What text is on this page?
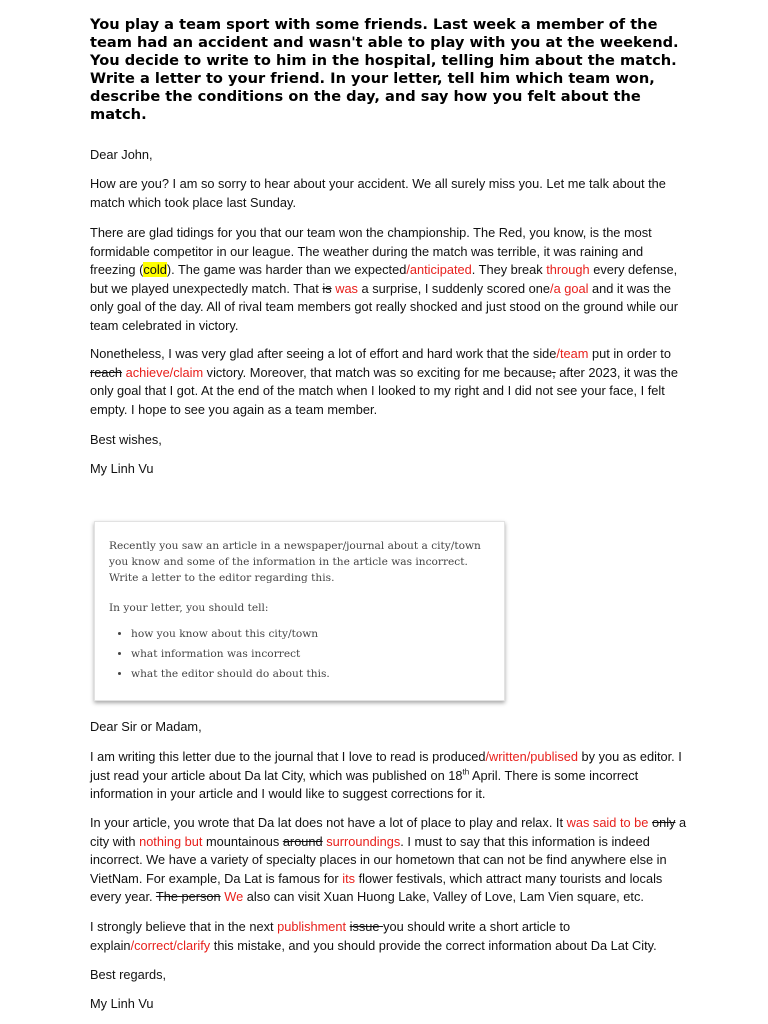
You play a team sport with some friends. Last week a member of the team had an accident and wasn't able to play with you at the weekend. You decide to write to him in the hospital, telling him about the match. Write a letter to your friend. In your letter, tell him which team won, describe the conditions on the day, and say how you felt about the match.

Dear John,

How are you? I am so sorry to hear about your accident. We all surely miss you. Let me talk about the match which took place last Sunday.

There are glad tidings for you that our team won the championship. The Red, you know, is the most formidable competitor in our league. The weather during the match was terrible, it was raining and freezing (cold). The game was harder than we expected/anticipated. They break through every defense, but we played unexpectedly match. That is was a surprise, I suddenly scored one/a goal and it was the only goal of the day. All of rival team members got really shocked and just stood on the ground while our team celebrated in victory.

Nonetheless, I was very glad after seeing a lot of effort and hard work that the side/team put in order to reach achieve/claim victory. Moreover, that match was so exciting for me because, after 2023, it was the only goal that I got. At the end of the match when I looked to my right and I did not see your face, I felt empty. I hope to see you again as a team member.

Best wishes,

My Linh Vu

Recently you saw an article in a newspaper/journal about a city/town you know and some of the information in the article was incorrect. Write a letter to the editor regarding this.

In your letter, you should tell:

• how you know about this city/town
• what information was incorrect
• what the editor should do about this.

Dear Sir or Madam,

I am writing this letter due to the journal that I love to read is produced/written/publised by you as editor. I just read your article about Da lat City, which was published on 18th April. There is some incorrect information in your article and I would like to suggest corrections for it.

In your article, you wrote that Da lat does not have a lot of place to play and relax. It was said to be only a city with nothing but mountainous around surroundings. I must to say that this information is indeed incorrect. We have a variety of specialty places in our hometown that can not be find anywhere else in VietNam. For example, Da Lat is famous for its flower festivals, which attract many tourists and locals every year. The person We also can visit Xuan Huong Lake, Valley of Love, Lam Vien square, etc.

I strongly believe that in the next publishment issue you should write a short article to explain/correct/clarify this mistake, and you should provide the correct information about Da Lat City.

Best regards,

My Linh Vu
